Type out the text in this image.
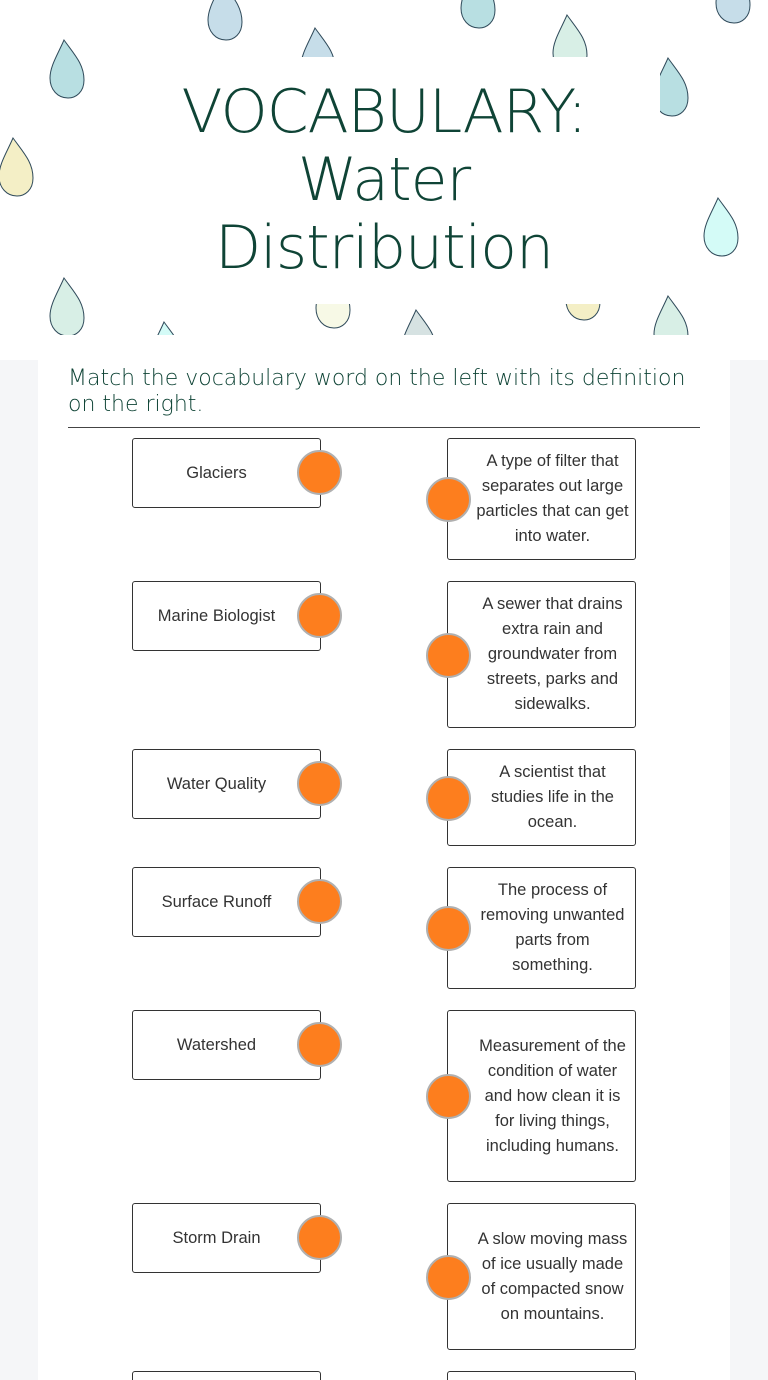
VOCABULARY:
Water
Distribution
Match the vocabulary word on the left with its definition on the right.
Glaciers
A type of filter that separates out large particles that can get into water.
Marine Biologist
A sewer that drains extra rain and groundwater from streets, parks and sidewalks.
Water Quality
A scientist that studies life in the ocean.
Surface Runoff
The process of removing unwanted parts from something.
Watershed	Measurement of the condition of water and how clean it is for living things, including humans.
Storm Drain	A slow moving mass of ice usually made of compacted snow on mountains.
